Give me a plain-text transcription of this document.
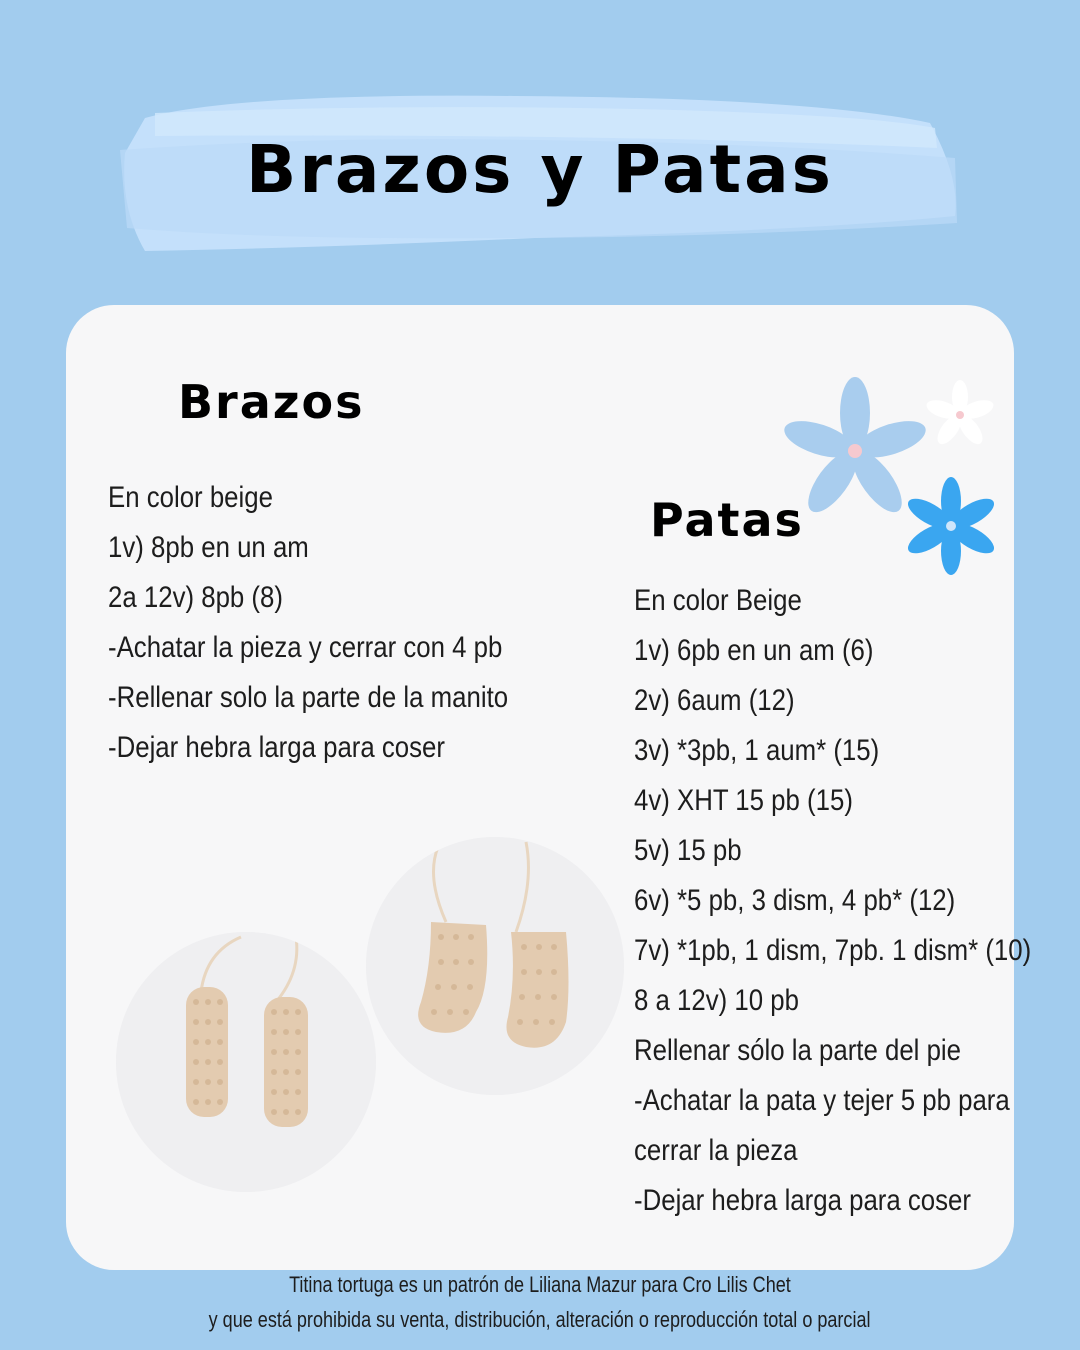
Brazos y Patas
Brazos
En color beige
1v) 8pb en un am
2a 12v) 8pb (8)
-Achatar la pieza y cerrar con 4 pb
-Rellenar solo la parte de la manito
-Dejar hebra larga para coser
Patas
En color Beige
1v) 6pb en un am (6)
2v) 6aum (12)
3v) *3pb, 1 aum* (15)
4v) XHT 15 pb (15)
5v) 15 pb
6v) *5 pb, 3 dism, 4 pb* (12)
7v) *1pb, 1 dism, 7pb. 1 dism* (10)
8 a 12v) 10 pb
Rellenar sólo la parte del pie
-Achatar la pata y tejer 5 pb para
cerrar la pieza
-Dejar hebra larga para coser
Titina tortuga es un patrón de Liliana Mazur para Cro Lilis Chet
y que está prohibida su venta, distribución, alteración o reproducción total o parcial
